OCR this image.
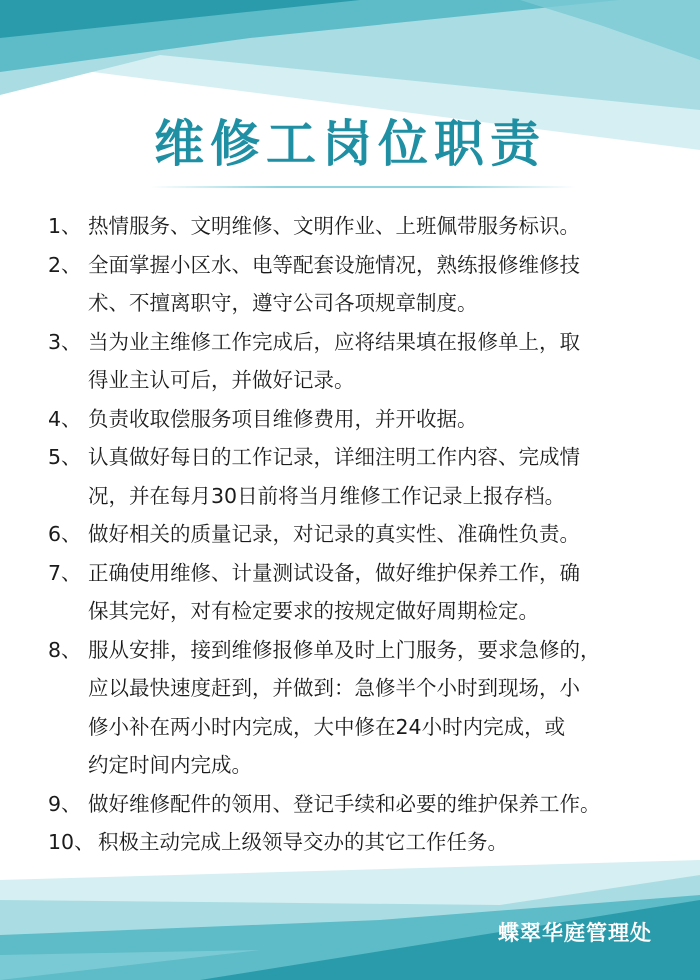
维修工岗位职责
1、 热情服务、文明维修、文明作业、上班佩带服务标识。
2、 全面掌握小区水、电等配套设施情况，熟练报修维修技
术、不擅离职守，遵守公司各项规章制度。
3、 当为业主维修工作完成后，应将结果填在报修单上，取
得业主认可后，并做好记录。
4、 负责收取偿服务项目维修费用，并开收据。
5、 认真做好每日的工作记录，详细注明工作内容、完成情
况，并在每月30日前将当月维修工作记录上报存档。
6、 做好相关的质量记录，对记录的真实性、准确性负责。
7、 正确使用维修、计量测试设备，做好维护保养工作，确
保其完好，对有检定要求的按规定做好周期检定。
8、 服从安排，接到维修报修单及时上门服务，要求急修的，
应以最快速度赶到，并做到：急修半个小时到现场，小
修小补在两小时内完成，大中修在24小时内完成，或
约定时间内完成。
9、 做好维修配件的领用、登记手续和必要的维护保养工作。
10、 积极主动完成上级领导交办的其它工作任务。
蝶翠华庭管理处
